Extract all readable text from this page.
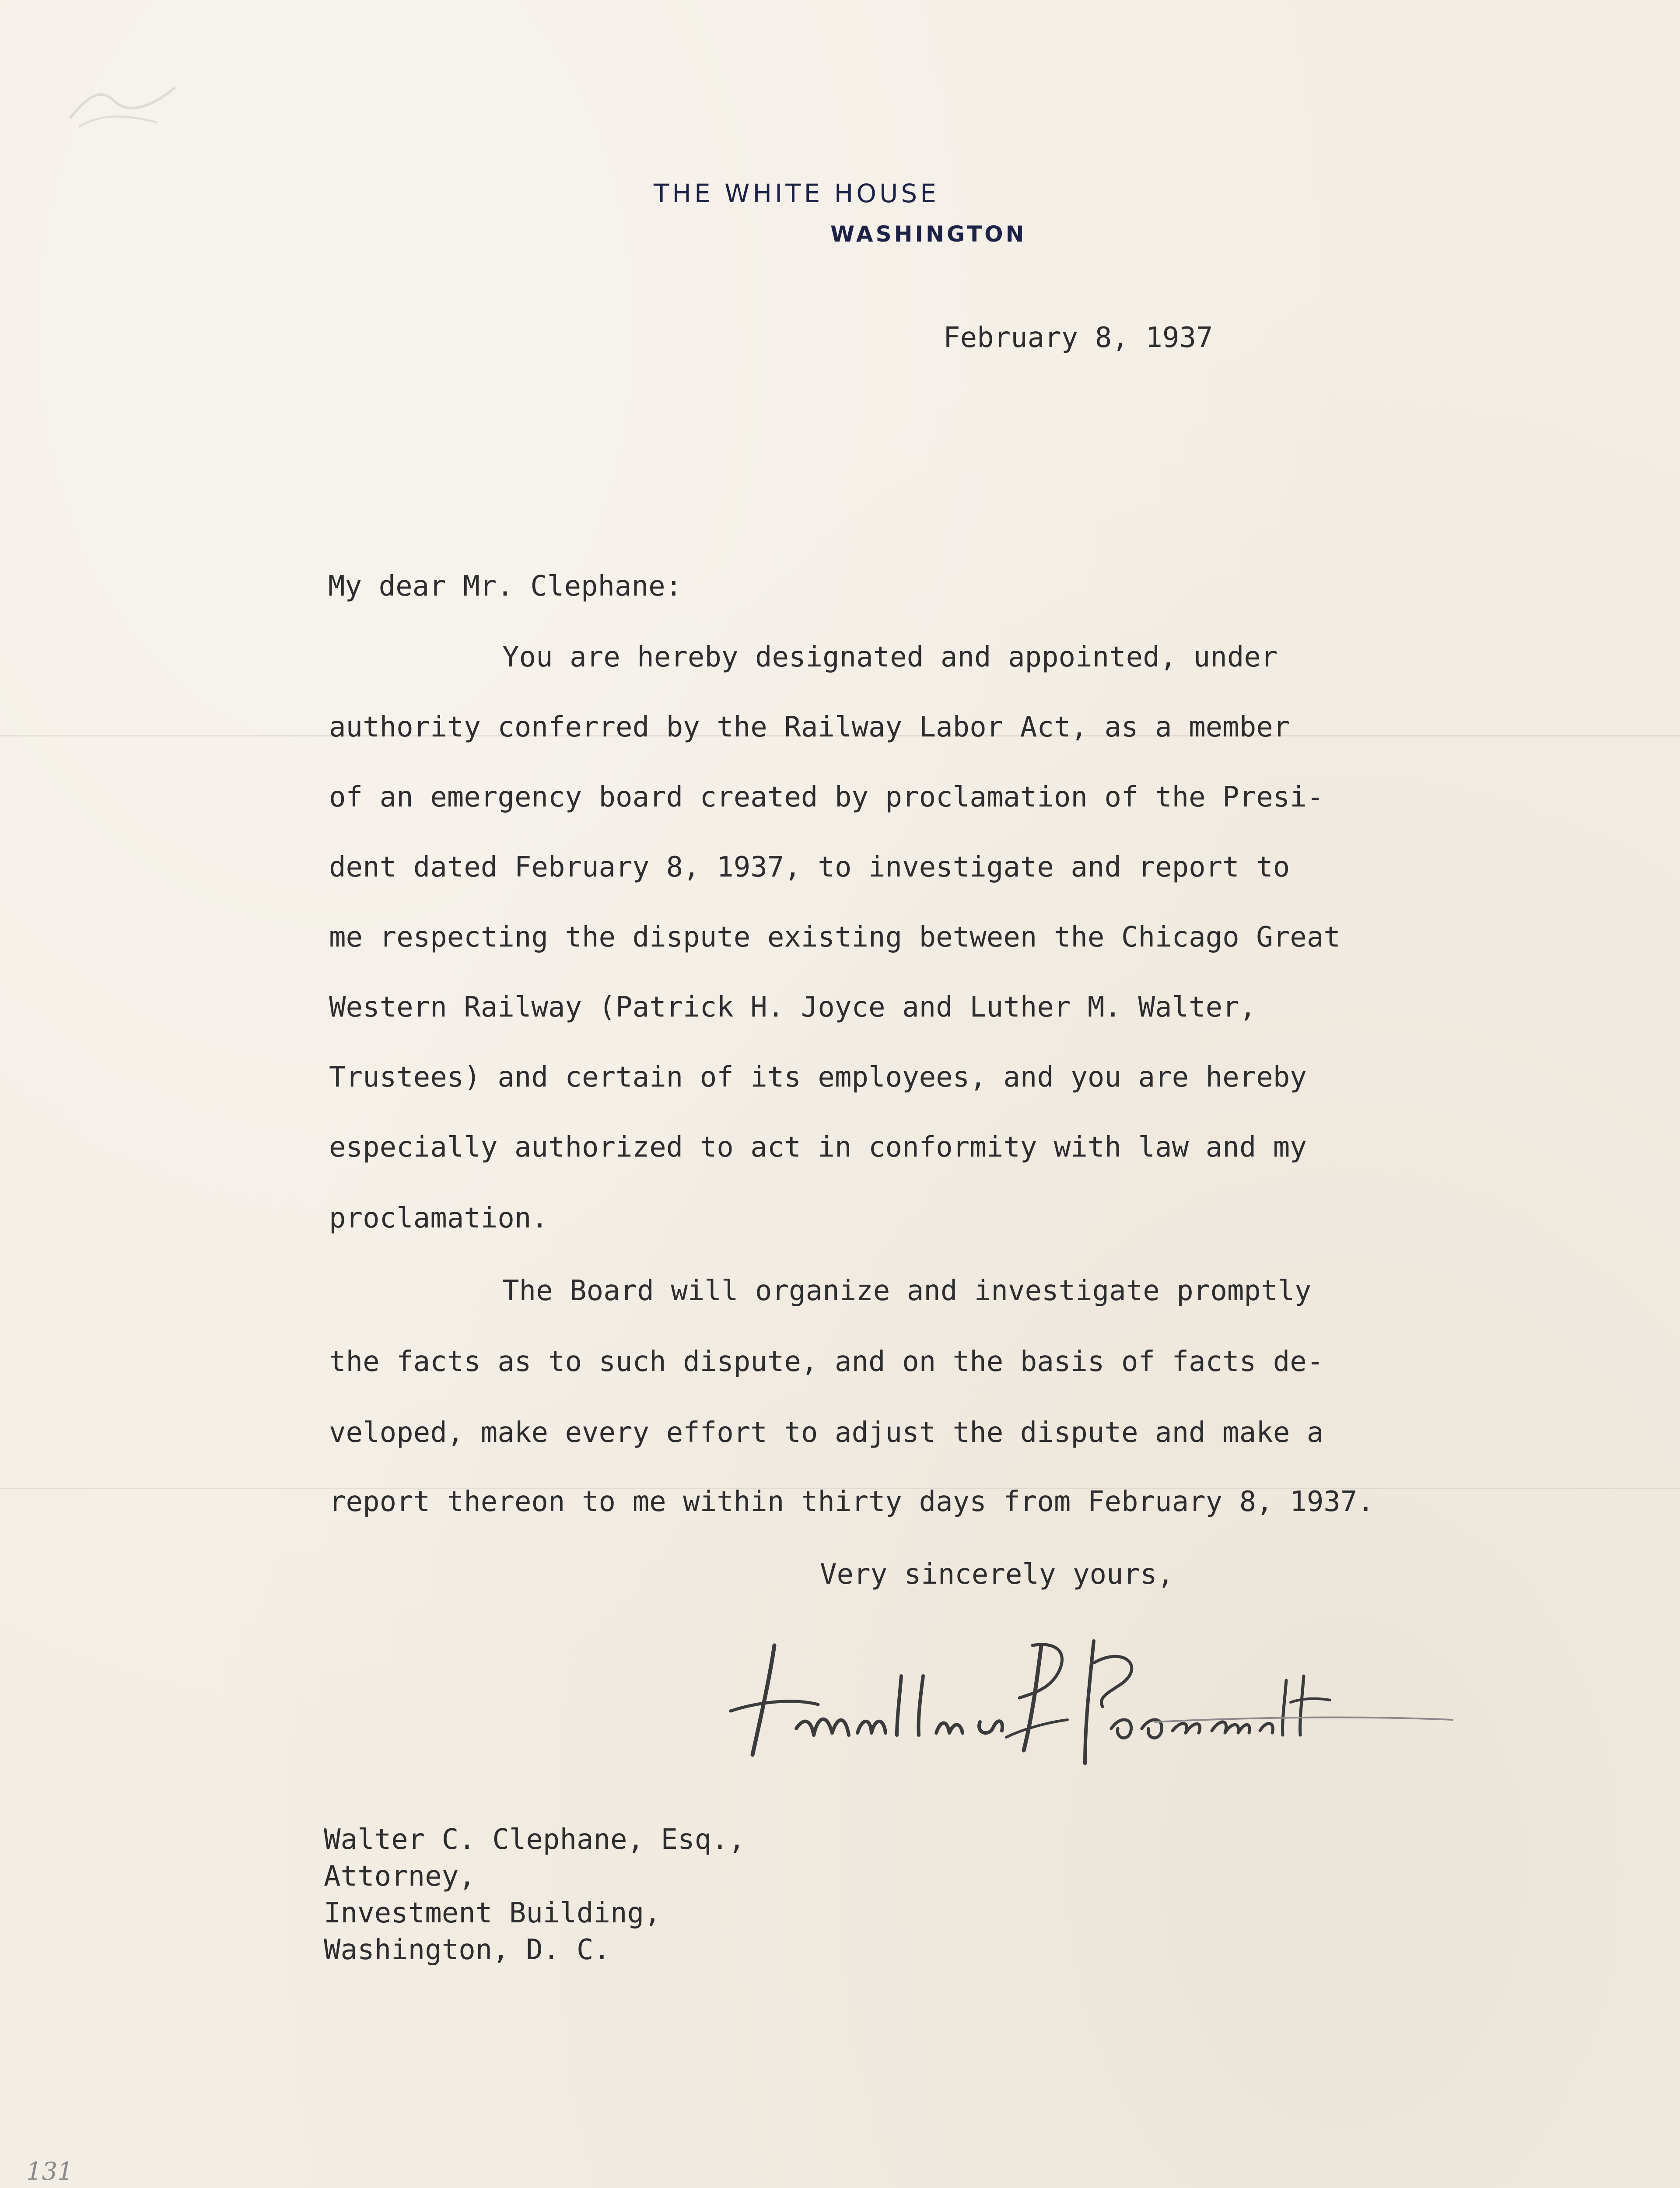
THE WHITE HOUSE
WASHINGTON
February 8, 1937
My dear Mr. Clephane:
You are hereby designated and appointed, under
authority conferred by the Railway Labor Act, as a member
of an emergency board created by proclamation of the Presi-
dent dated February 8, 1937, to investigate and report to
me respecting the dispute existing between the Chicago Great
Western Railway (Patrick H. Joyce and Luther M. Walter,
Trustees) and certain of its employees, and you are hereby
especially authorized to act in conformity with law and my
proclamation.
The Board will organize and investigate promptly
the facts as to such dispute, and on the basis of facts de-
veloped, make every effort to adjust the dispute and make a
report thereon to me within thirty days from February 8, 1937.
Very sincerely yours,
Walter C. Clephane, Esq.,
Attorney,
Investment Building,
Washington, D. C.
131
